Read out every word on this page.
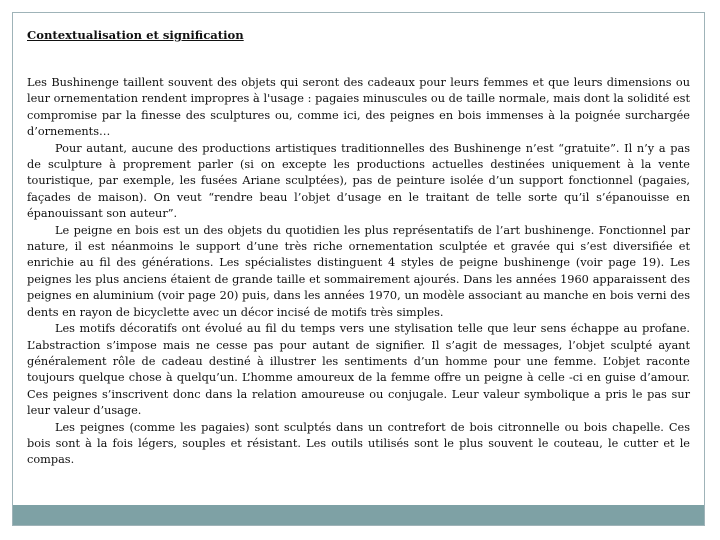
Contextualisation et signification

Les Bushinenge taillent souvent des objets qui seront des cadeaux pour leurs femmes et que leurs dimensions ou leur ornementation rendent impropres à l'usage : pagaies minuscules ou de taille normale, mais dont la solidité est compromise par la finesse des sculptures ou, comme ici, des peignes en bois immenses à la poignée surchargée d’ornements…

Pour autant, aucune des productions artistiques traditionnelles des Bushinenge n’est “gratuite”. Il n’y a pas de sculpture à proprement parler (si on excepte les productions actuelles destinées uniquement à la vente touristique, par exemple, les fusées Ariane sculptées), pas de peinture isolée d’un support fonctionnel (pagaies, façades de maison). On veut “rendre beau l’objet d’usage en le traitant de telle sorte qu’il s’épanouisse en épanouissant son auteur”.

Le peigne en bois est un des objets du quotidien les plus représentatifs de l’art bushinenge. Fonctionnel par nature, il est néanmoins le support d’une très riche ornementation sculptée et gravée qui s’est diversifiée et enrichie au fil des générations. Les spécialistes distinguent 4 styles de peigne bushinenge (voir page 19). Les peignes les plus anciens étaient de grande taille et sommairement ajourés. Dans les années 1960 apparaissent des peignes en aluminium (voir page 20) puis, dans les années 1970, un modèle associant au manche en bois verni des dents en rayon de bicyclette avec un décor incisé de motifs très simples.

Les motifs décoratifs ont évolué au fil du temps vers une stylisation telle que leur sens échappe au profane. L’abstraction s’impose mais ne cesse pas pour autant de signifier. Il s’agit de messages, l’objet sculpté ayant généralement rôle de cadeau destiné à illustrer les sentiments d’un homme pour une femme. L’objet raconte toujours quelque chose à quelqu’un. L’homme amoureux de la femme offre un peigne à celle -ci en guise d’amour. Ces peignes s’inscrivent donc dans la relation amoureuse ou conjugale. Leur valeur symbolique a pris le pas sur leur valeur d’usage.

Les peignes (comme les pagaies) sont sculptés dans un contrefort de bois citronnelle ou bois chapelle. Ces bois sont à la fois légers, souples et résistant. Les outils utilisés sont le plus souvent le couteau, le cutter et le compas.
